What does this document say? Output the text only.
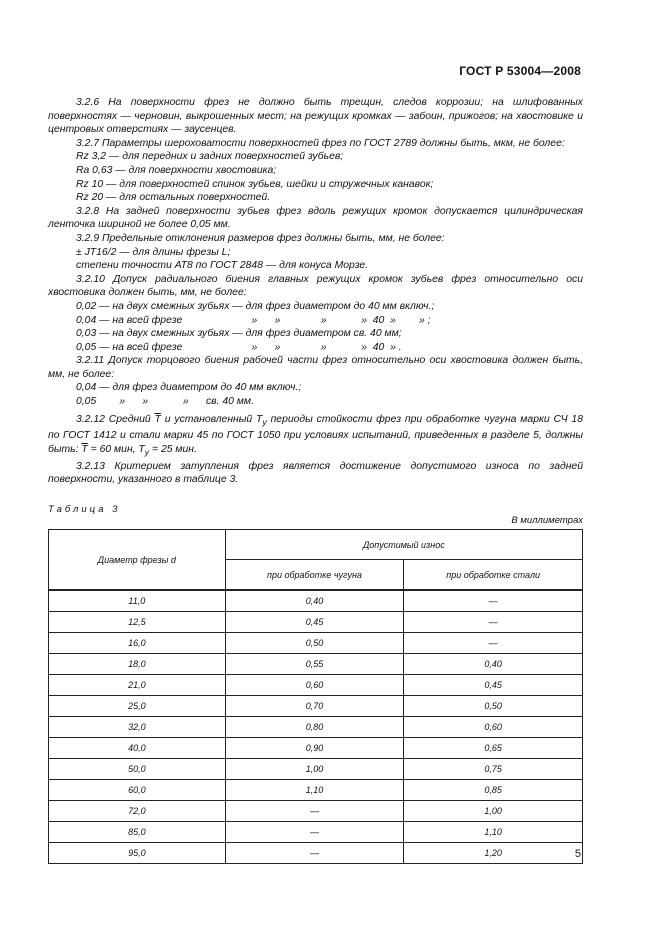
ГОСТ Р 53004—2008

3.2.6 На поверхности фрез не должно быть трещин, следов коррозии; на шлифованных поверхностях — черновин, выкрошенных мест; на режущих кромках — забоин, прижогов; на хвостовике и центровых отверстиях — заусенцев.

3.2.7 Параметры шероховатости поверхностей фрез по ГОСТ 2789 должны быть, мкм, не более:

Rz 3,2 — для передних и задних поверхностей зубьев;

Ra 0,63 — для поверхности хвостовика;

Rz 10 — для поверхностей спинок зубьев, шейки и стружечных канавок;

Rz 20 — для остальных поверхностей.

3.2.8 На задней поверхности зубьев фрез вдоль режущих кромок допускается цилиндрическая ленточка шириной не более 0,05 мм.

3.2.9 Предельные отклонения размеров фрез должны быть, мм, не более:

± JT16/2 — для длины фрезы L;

степени точности АТ8 по ГОСТ 2848 — для конуса Морзе.

3.2.10 Допуск радиального биения главных режущих кромок зубьев фрез относительно оси хвостовика должен быть, мм, не более:

0,02 — на двух смежных зубьях — для фрез диаметром до 40 мм включ.;

0,04 — на всей фрезе                        »      »              »            »  40  »        » ;

0,03 — на двух смежных зубьях — для фрез диаметром св. 40 мм;

0,05 — на всей фрезе                        »      »              »            »  40  » .

3.2.11 Допуск торцового биения рабочей части фрез относительно оси хвостовика должен быть, мм, не более:

0,04 — для фрез диаметром до 40 мм включ.;

0,05        »      »            »      св. 40 мм.

3.2.12 Средний $\overline{T}$ и установленный $T_y$ периоды стойкости фрез при обработке чугуна марки СЧ 18 по ГОСТ 1412 и стали марки 45 по ГОСТ 1050 при условиях испытаний, приведенных в разделе 5, должны быть: $\overline{T} = 60$ мин, $T_y = 25$ мин.

3.2.13 Критерием затупления фрез является достижение допустимого износа по задней поверхности, указанного в таблице 3.

Таблица 3
В миллиметрах
Диаметр фрезы d	Допустимый износ	
	при обработке чугуна	при обработке стали
11,0	0,40	—
12,5	0,45	—
16,0	0,50	—
18,0	0,55	0,40
21,0	0,60	0,45
25,0	0,70	0,50
32,0	0,80	0,60
40,0	0,90	0,65
50,0	1,00	0,75
60,0	1,10	0,85
72,0	—	1,00
85,0	—	1,10
95,0	—	1,20	5
